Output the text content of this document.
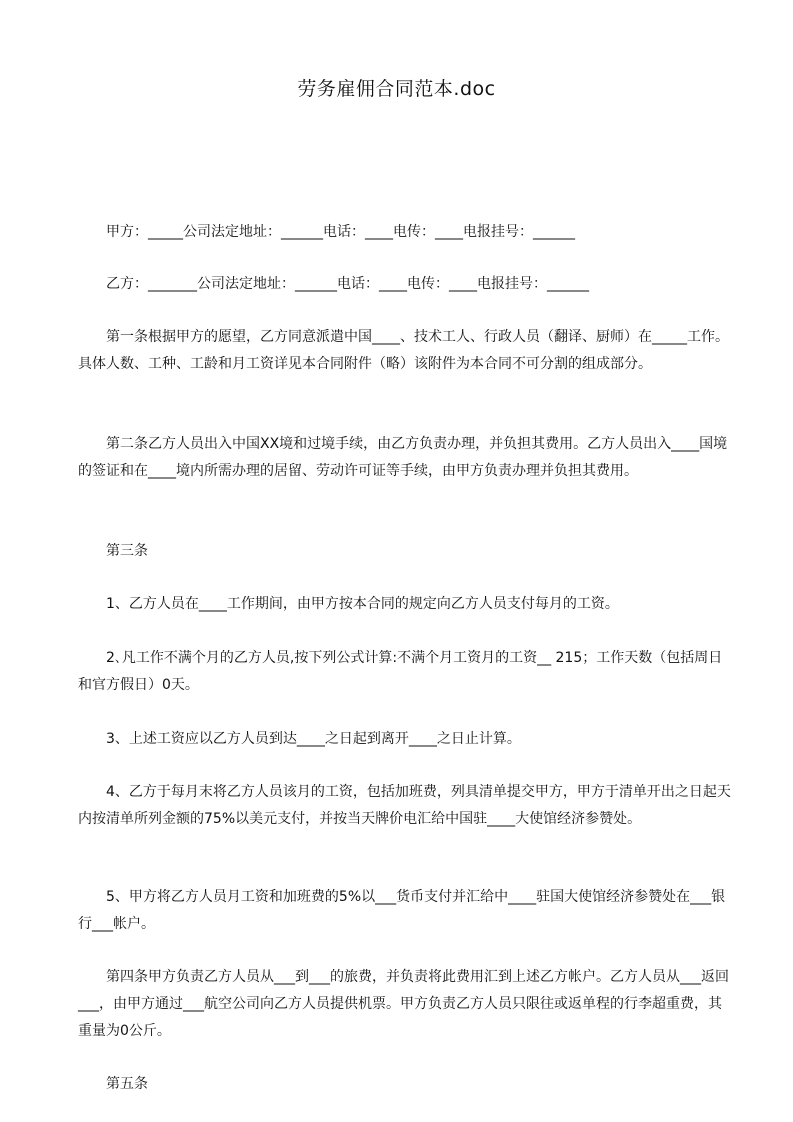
劳务雇佣合同范本.doc

甲方：_____公司法定地址：______电话：____电传：____电报挂号：______

乙方：_______公司法定地址：______电话：____电传：____电报挂号：______

第一条根据甲方的愿望，乙方同意派遣中国____、技术工人、行政人员（翻译、厨师）在_____工作。具体人数、工种、工龄和月工资详见本合同附件（略）该附件为本合同不可分割的组成部分。

第二条乙方人员出入中国XX境和过境手续，由乙方负责办理，并负担其费用。乙方人员出入____国境的签证和在____境内所需办理的居留、劳动许可证等手续，由甲方负责办理并负担其费用。

第三条

1、乙方人员在____工作期间，由甲方按本合同的规定向乙方人员支付每月的工资。

2､凡工作不满个月的乙方人员,按下列公式计算:不满个月工资月的工资__ 215；工作天数（包括周日和官方假日）0天。

3、上述工资应以乙方人员到达____之日起到离开____之日止计算。

4、乙方于每月末将乙方人员该月的工资，包括加班费，列具清单提交甲方，甲方于清单开出之日起天内按清单所列金额的75%以美元支付，并按当天牌价电汇给中国驻____大使馆经济参赞处。

5、甲方将乙方人员月工资和加班费的5%以___货币支付并汇给中____驻国大使馆经济参赞处在___银行___帐户。

第四条甲方负责乙方人员从___到___的旅费，并负责将此费用汇到上述乙方帐户。乙方人员从___返回___，由甲方通过___航空公司向乙方人员提供机票。甲方负责乙方人员只限往或返单程的行李超重费，其重量为0公斤。

第五条
